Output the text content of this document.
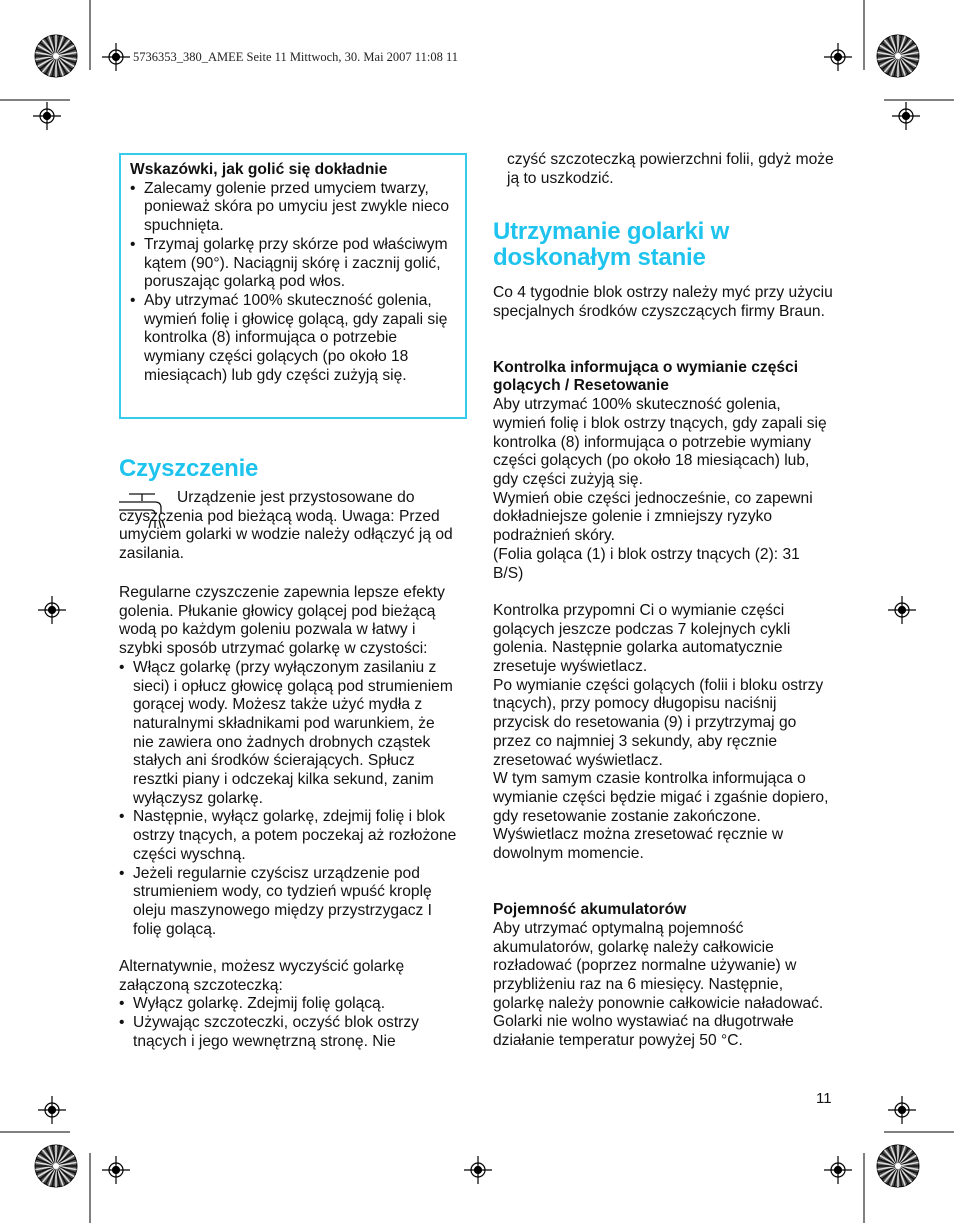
5736353_380_AMEE Seite 11 Mittwoch, 30. Mai 2007 11:08 11

Wskazówki, jak golić się dokładnie

• Zalecamy golenie przed umyciem twarzy, ponieważ skóra po umyciu jest zwykle nieco spuchnięta.
• Trzymaj golarkę przy skórze pod właściwym kątem (90°). Naciągnij skórę i zacznij golić, poruszając golarką pod włos.
• Aby utrzymać 100% skuteczność golenia, wymień folię i głowicę golącą, gdy zapali się kontrolka (8) informująca o potrzebie wymiany części golących (po około 18 miesiącach) lub gdy części zużyją się.
Czyszczenie
Urządzenie jest przystosowane do czyszczenia pod bieżącą wodą. Uwaga: Przed umyciem golarki w wodzie należy odłączyć ją od zasilania.

Regularne czyszczenie zapewnia lepsze efekty golenia. Płukanie głowicy golącej pod bieżącą wodą po każdym goleniu pozwala w łatwy i szybki sposób utrzymać golarkę w czystości:

• Włącz golarkę (przy wyłączonym zasilaniu z sieci) i opłucz głowicę golącą pod strumieniem gorącej wody. Możesz także użyć mydła z naturalnymi składnikami pod warunkiem, że nie zawiera ono żadnych drobnych cząstek stałych ani środków ścierających. Spłucz resztki piany i odczekaj kilka sekund, zanim wyłączysz golarkę.
• Następnie, wyłącz golarkę, zdejmij folię i blok ostrzy tnących, a potem poczekaj aż rozłożone części wyschną.
• Jeżeli regularnie czyścisz urządzenie pod strumieniem wody, co tydzień wpuść kroplę oleju maszynowego między przystrzygacz I folię golącą.

Alternatywnie, możesz wyczyścić golarkę załączoną szczoteczką:

• Wyłącz golarkę. Zdejmij folię golącą.
• Używając szczoteczki, oczyść blok ostrzy tnących i jego wewnętrzną stronę. Nie
czyść szczoteczką powierzchni folii, gdyż może ją to uszkodzić.
Utrzymanie golarki w doskonałym stanie

Co 4 tygodnie blok ostrzy należy myć przy użyciu specjalnych środków czyszczących firmy Braun.

Kontrolka informująca o wymianie części golących / Resetowanie

Aby utrzymać 100% skuteczność golenia, wymień folię i blok ostrzy tnących, gdy zapali się kontrolka (8) informująca o potrzebie wymiany części golących (po około 18 miesiącach) lub, gdy części zużyją się.

Wymień obie części jednocześnie, co zapewni dokładniejsze golenie i zmniejszy ryzyko podrażnień skóry.

(Folia goląca (1) i blok ostrzy tnących (2): 31 B/S)

Kontrolka przypomni Ci o wymianie części golących jeszcze podczas 7 kolejnych cykli golenia. Następnie golarka automatycznie zresetuje wyświetlacz.

Po wymianie części golących (folii i bloku ostrzy tnących), przy pomocy długopisu naciśnij przycisk do resetowania (9) i przytrzymaj go przez co najmniej 3 sekundy, aby ręcznie zresetować wyświetlacz.

W tym samym czasie kontrolka informująca o wymianie części będzie migać i zgaśnie dopiero, gdy resetowanie zostanie zakończone.

Wyświetlacz można zresetować ręcznie w dowolnym momencie.

Pojemność akumulatorów

Aby utrzymać optymalną pojemność akumulatorów, golarkę należy całkowicie rozładować (poprzez normalne używanie) w przybliżeniu raz na 6 miesięcy. Następnie, golarkę należy ponownie całkowicie naładować. Golarki nie wolno wystawiać na długotrwałe działanie temperatur powyżej 50 °C.

11
